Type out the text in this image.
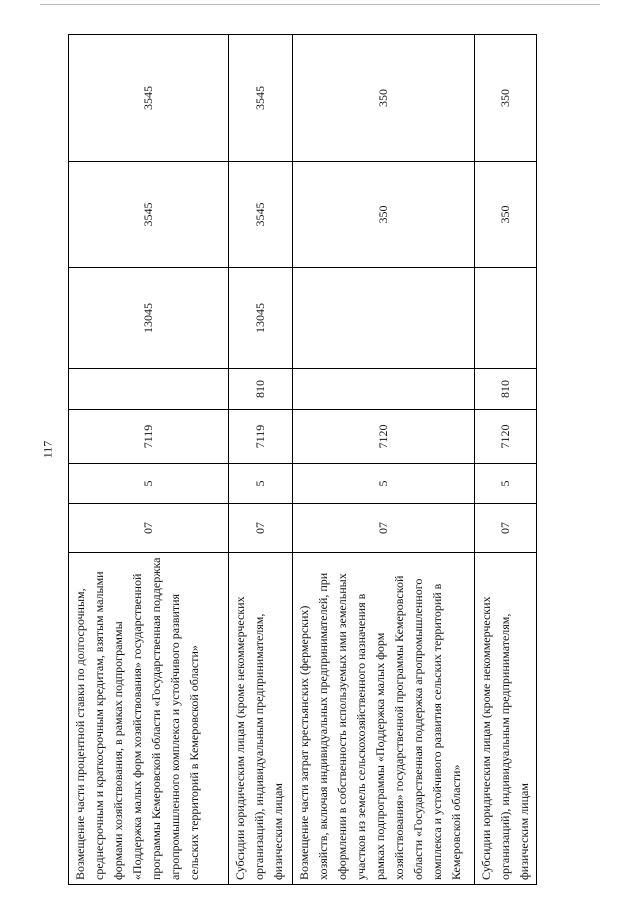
117
Возмещение части процентной ставки по долгосрочным, среднесрочным и краткосрочным кредитам, взятым малыми формами хозяйствования, в рамках подпрограммы «Поддержка малых форм хозяйствования» государственной программы Кемеровской области «Государственная поддержка агропромышленного комплекса и устойчивого развития сельских территорий в Кемеровской области»	07	5	7119		13045	3545	3545
Субсидии юридическим лицам (кроме некоммерческих организаций), индивидуальным предпринимателям, физическим лицам	07	5	7119	810	13045	3545	3545
Возмещение части затрат крестьянских (фермерских) хозяйств, включая индивидуальных предпринимателей, при оформлении в собственность используемых ими земельных участков из земель сельскохозяйственного назначения в рамках подпрограммы «Поддержка малых форм хозяйствования» государственной программы Кемеровской области «Государственная поддержка агропромышленного комплекса и устойчивого развития сельских территорий в Кемеровской области»	07	5	7120			350	350
Субсидии юридическим лицам (кроме некоммерческих организаций), индивидуальным предпринимателям, физическим лицам	07	5	7120	810		350	350
